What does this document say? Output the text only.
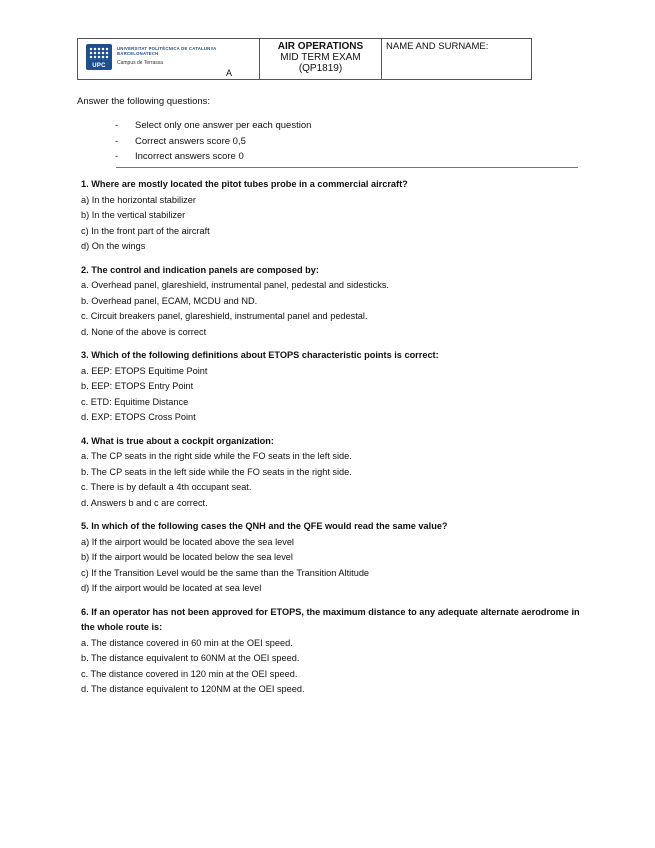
UPC
UNIVERSITAT POLITÈCNICA DE CATALUNYA BARCELONATECH
Campus de Terrassa
A
AIR OPERATIONS
MID TERM EXAM
(QP1819)
NAME AND SURNAME:
Answer the following questions:
-	Select only one answer per each question
-	Correct answers score 0,5
-	Incorrect answers score 0
1. Where are mostly located the pitot tubes probe in a commercial aircraft?
a) In the horizontal stabilizer
b) In the vertical stabilizer
c) In the front part of the aircraft
d) On the wings
2. The control and indication panels are composed by:
a. Overhead panel, glareshield, instrumental panel, pedestal and sidesticks.
b. Overhead panel, ECAM, MCDU and ND.
c. Circuit breakers panel, glareshield, instrumental panel and pedestal.
d. None of the above is correct
3. Which of the following definitions about ETOPS characteristic points is correct:
a. EEP: ETOPS Equitime Point
b. EEP: ETOPS Entry Point
c. ETD: Equitime Distance
d. EXP: ETOPS Cross Point
4. What is true about a cockpit organization:
a. The CP seats in the right side while the FO seats in the left side.
b. The CP seats in the left side while the FO seats in the right side.
c. There is by default a 4th occupant seat.
d. Answers b and c are correct.
5. In which of the following cases the QNH and the QFE would read the same value?
a) If the airport would be located above the sea level
b) If the airport would be located below the sea level
c) If the Transition Level would be the same than the Transition Altitude
d) If the airport would be located at sea level
6. If an operator has not been approved for ETOPS, the maximum distance to any adequate alternate aerodrome in the whole route is:
a. The distance covered in 60 min at the OEI speed.
b. The distance equivalent to 60NM at the OEI speed.
c. The distance covered in 120 min at the OEI speed.
d. The distance equivalent to 120NM at the OEI speed.
